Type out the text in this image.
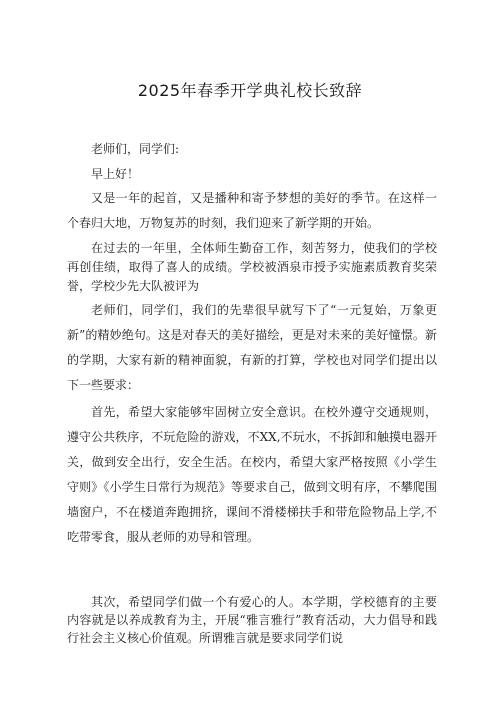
2025年春季开学典礼校长致辞

老师们，同学们:

早上好！

又是一年的起首，又是播种和寄予梦想的美好的季节。在这样一个春归大地，万物复苏的时刻，我们迎来了新学期的开始。

在过去的一年里，全体师生勤奋工作，刻苦努力，使我们的学校再创佳绩，取得了喜人的成绩。学校被酒泉市授予实施素质教育奖荣誉，学校少先大队被评为

老师们，同学们，我们的先辈很早就写下了“一元复始，万象更新”的精妙绝句。这是对春天的美好描绘，更是对未来的美好憧憬。新的学期，大家有新的精神面貌，有新的打算，学校也对同学们提出以下一些要求：

首先，希望大家能够牢固树立安全意识。在校外遵守交通规则，遵守公共秩序，不玩危险的游戏，不XX,不玩水，不拆卸和触摸电器开关，做到安全出行，安全生活。在校内，希望大家严格按照《小学生守则》《小学生日常行为规范》等要求自己，做到文明有序，不攀爬围墙窗户，不在楼道奔跑拥挤，课间不滑楼梯扶手和带危险物品上学,不吃带零食，服从老师的劝导和管理。

其次，希望同学们做一个有爱心的人。本学期，学校德育的主要内容就是以养成教育为主，开展“雅言雅行”教育活动，大力倡导和践行社会主义核心价值观。所谓雅言就是要求同学们说
